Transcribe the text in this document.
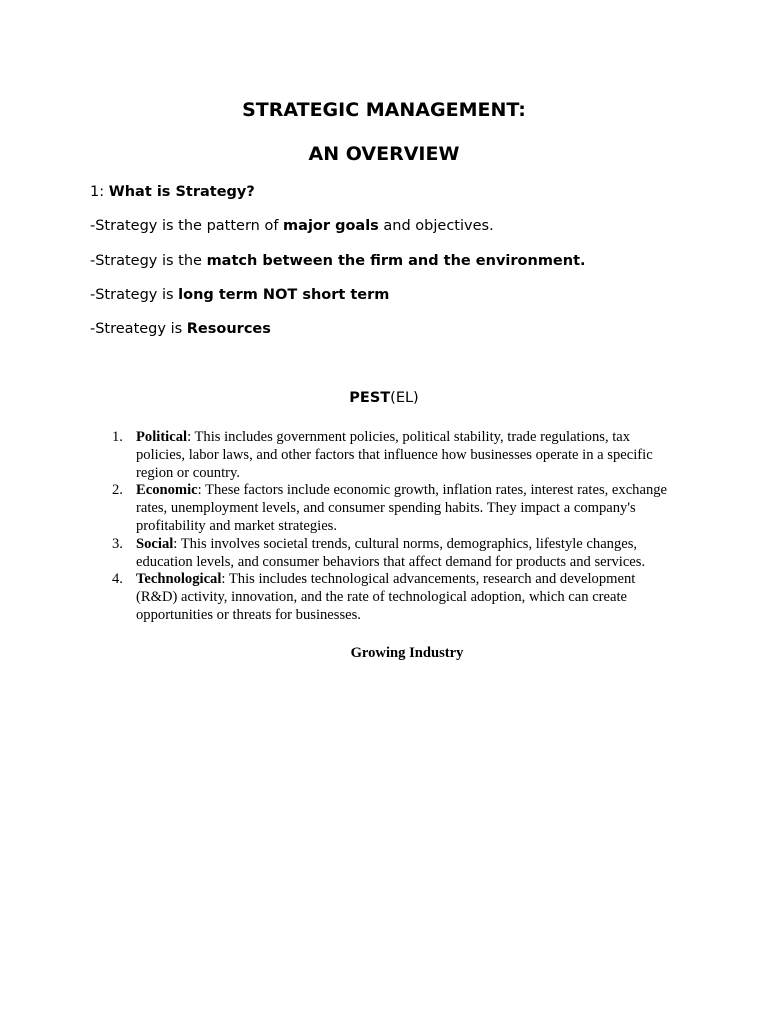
STRATEGIC MANAGEMENT:
AN OVERVIEW
1: What is Strategy?
-Strategy is the pattern of major goals and objectives.
-Strategy is the match between the firm and the environment.
-Strategy is long term NOT short term
-Streategy is Resources
PEST(EL)
1. Political: This includes government policies, political stability, trade regulations, tax policies, labor laws, and other factors that influence how businesses operate in a specific region or country.
2. Economic: These factors include economic growth, inflation rates, interest rates, exchange rates, unemployment levels, and consumer spending habits. They impact a company's profitability and market strategies.
3. Social: This involves societal trends, cultural norms, demographics, lifestyle changes, education levels, and consumer behaviors that affect demand for products and services.
4. Technological: This includes technological advancements, research and development (R&D) activity, innovation, and the rate of technological adoption, which can create opportunities or threats for businesses.
Growing Industry
